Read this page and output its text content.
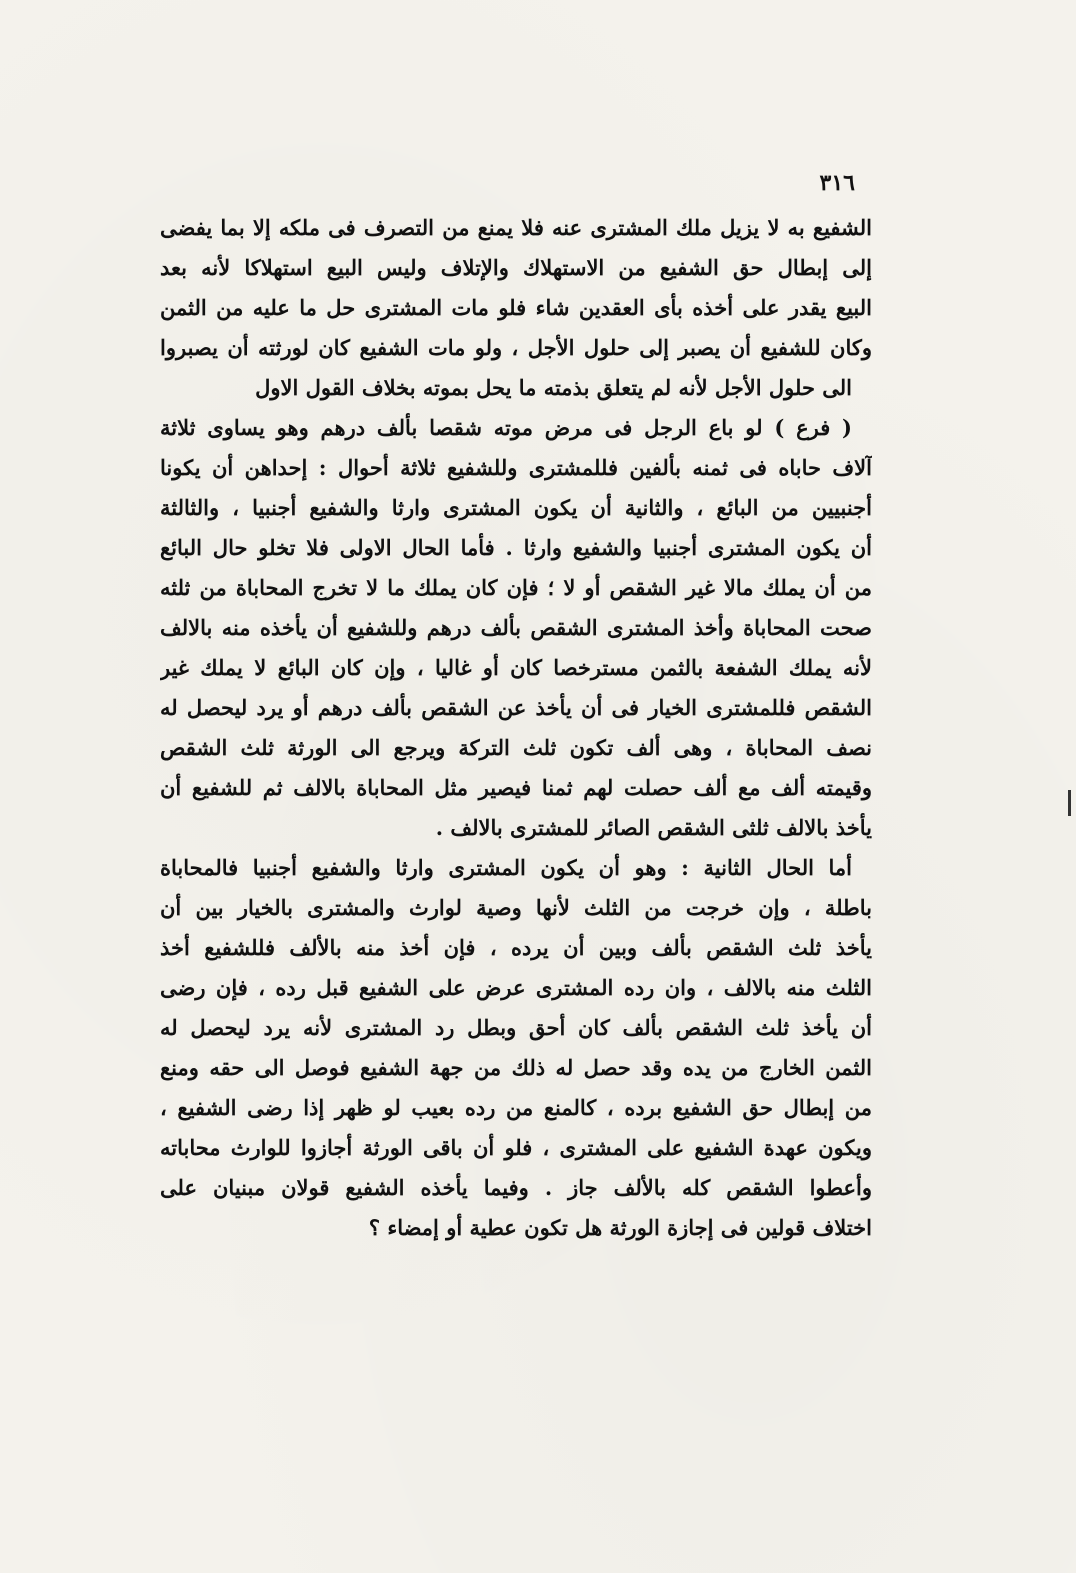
٣١٦
الشفيع به لا يزيل ملك المشترى عنه فلا يمنع من التصرف فى ملكه إلا بما يفضى
إلى إبطال حق الشفيع من الاستهلاك والإتلاف وليس البيع استهلاكا لأنه بعد
البيع يقدر على أخذه بأى العقدين شاء فلو مات المشترى حل ما عليه من الثمن
وكان للشفيع أن يصبر إلى حلول الأجل ، ولو مات الشفيع كان لورثته أن يصبروا
الى حلول الأجل لأنه لم يتعلق بذمته ما يحل بموته بخلاف القول الاول
( فرع ) لو باع الرجل فى مرض موته شقصا بألف درهم وهو يساوى ثلاثة
آلاف حاباه فى ثمنه بألفين فللمشترى وللشفيع ثلاثة أحوال : إحداهن أن يكونا
أجنبيين من البائع ، والثانية أن يكون المشترى وارثا والشفيع أجنبيا ، والثالثة
أن يكون المشترى أجنبيا والشفيع وارثا . فأما الحال الاولى فلا تخلو حال البائع
من أن يملك مالا غير الشقص أو لا ؛ فإن كان يملك ما لا تخرج المحاباة من ثلثه
صحت المحاباة وأخذ المشترى الشقص بألف درهم وللشفيع أن يأخذه منه بالالف
لأنه يملك الشفعة بالثمن مسترخصا كان أو غاليا ، وإن كان البائع لا يملك غير
الشقص فللمشترى الخيار فى أن يأخذ عن الشقص بألف درهم أو يرد ليحصل له
نصف المحاباة ، وهى ألف تكون ثلث التركة ويرجع الى الورثة ثلث الشقص
وقيمته ألف مع ألف حصلت لهم ثمنا فيصير مثل المحاباة بالالف ثم للشفيع أن
يأخذ بالالف ثلثى الشقص الصائر للمشترى بالالف .
أما الحال الثانية : وهو أن يكون المشترى وارثا والشفيع أجنبيا فالمحاباة
باطلة ، وإن خرجت من الثلث لأنها وصية لوارث والمشترى بالخيار بين أن
يأخذ ثلث الشقص بألف وبين أن يرده ، فإن أخذ منه بالألف فللشفيع أخذ
الثلث منه بالالف ، وان رده المشترى عرض على الشفيع قبل رده ، فإن رضى
أن يأخذ ثلث الشقص بألف كان أحق وبطل رد المشترى لأنه يرد ليحصل له
الثمن الخارج من يده وقد حصل له ذلك من جهة الشفيع فوصل الى حقه ومنع
من إبطال حق الشفيع برده ، كالمنع من رده بعيب لو ظهر إذا رضى الشفيع ،
ويكون عهدة الشفيع على المشترى ، فلو أن باقى الورثة أجازوا للوارث محاباته
وأعطوا الشقص كله بالألف جاز . وفيما يأخذه الشفيع قولان مبنيان على
اختلاف قولين فى إجازة الورثة هل تكون عطية أو إمضاء ؟
